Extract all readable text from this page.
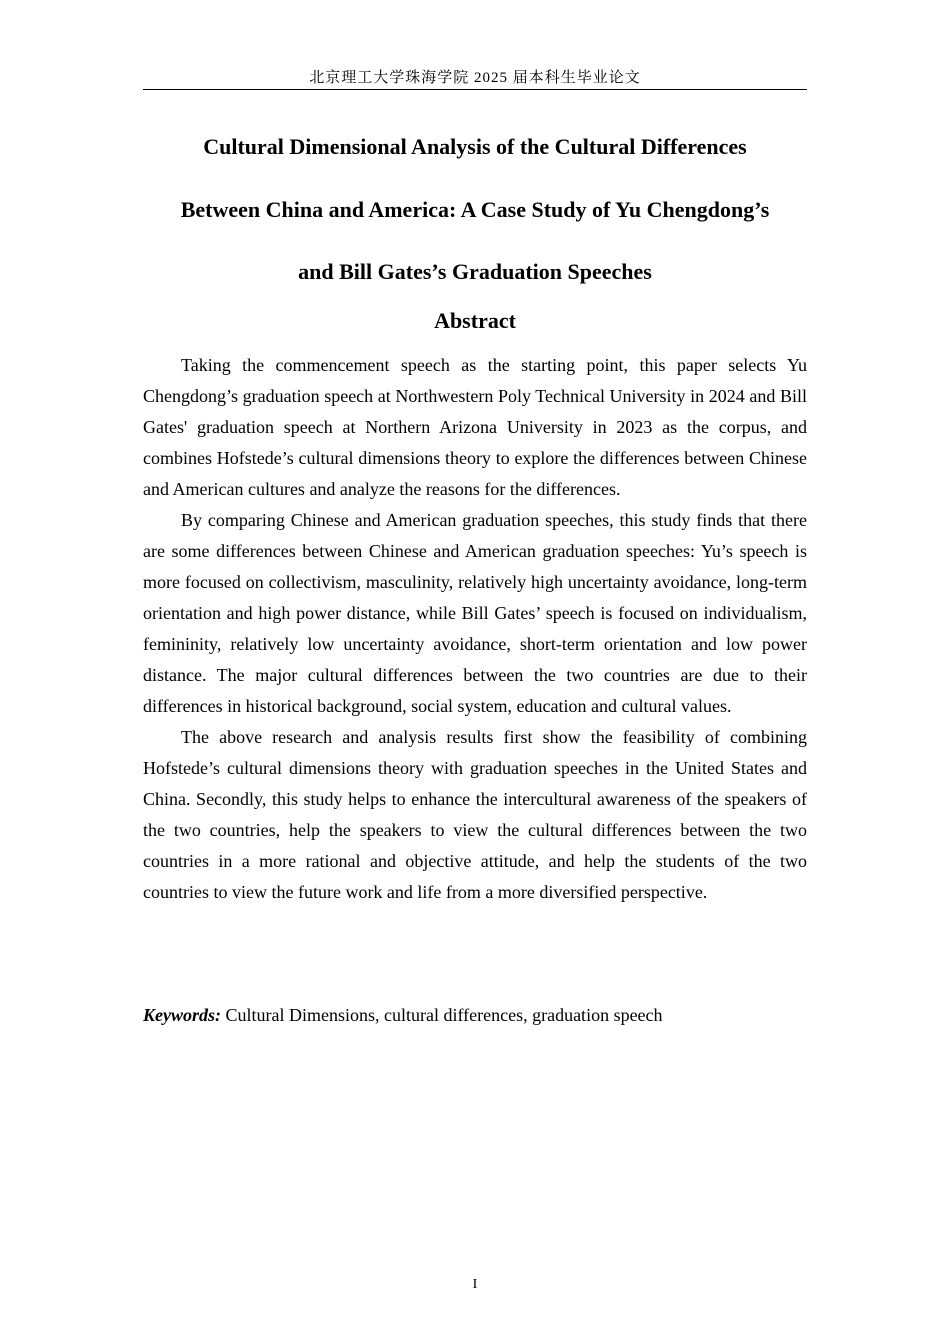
北京理工大学珠海学院 2025 届本科生毕业论文
Cultural Dimensional Analysis of the Cultural Differences
Between China and America: A Case Study of Yu Chengdong’s
and Bill Gates’s Graduation Speeches
Abstract

Taking the commencement speech as the starting point, this paper selects Yu Chengdong’s graduation speech at Northwestern Poly Technical University in 2024 and Bill Gates' graduation speech at Northern Arizona University in 2023 as the corpus, and combines Hofstede’s cultural dimensions theory to explore the differences between Chinese and American cultures and analyze the reasons for the differences.

By comparing Chinese and American graduation speeches, this study finds that there are some differences between Chinese and American graduation speeches: Yu’s speech is more focused on collectivism, masculinity, relatively high uncertainty avoidance, long-term orientation and high power distance, while Bill Gates’ speech is focused on individualism, femininity, relatively low uncertainty avoidance, short-term orientation and low power distance. The major cultural differences between the two countries are due to their differences in historical background, social system, education and cultural values.

The above research and analysis results first show the feasibility of combining Hofstede’s cultural dimensions theory with graduation speeches in the United States and China. Secondly, this study helps to enhance the intercultural awareness of the speakers of the two countries, help the speakers to view the cultural differences between the two countries in a more rational and objective attitude, and help the students of the two countries to view the future work and life from a more diversified perspective.

Keywords: Cultural Dimensions, cultural differences, graduation speech
I
